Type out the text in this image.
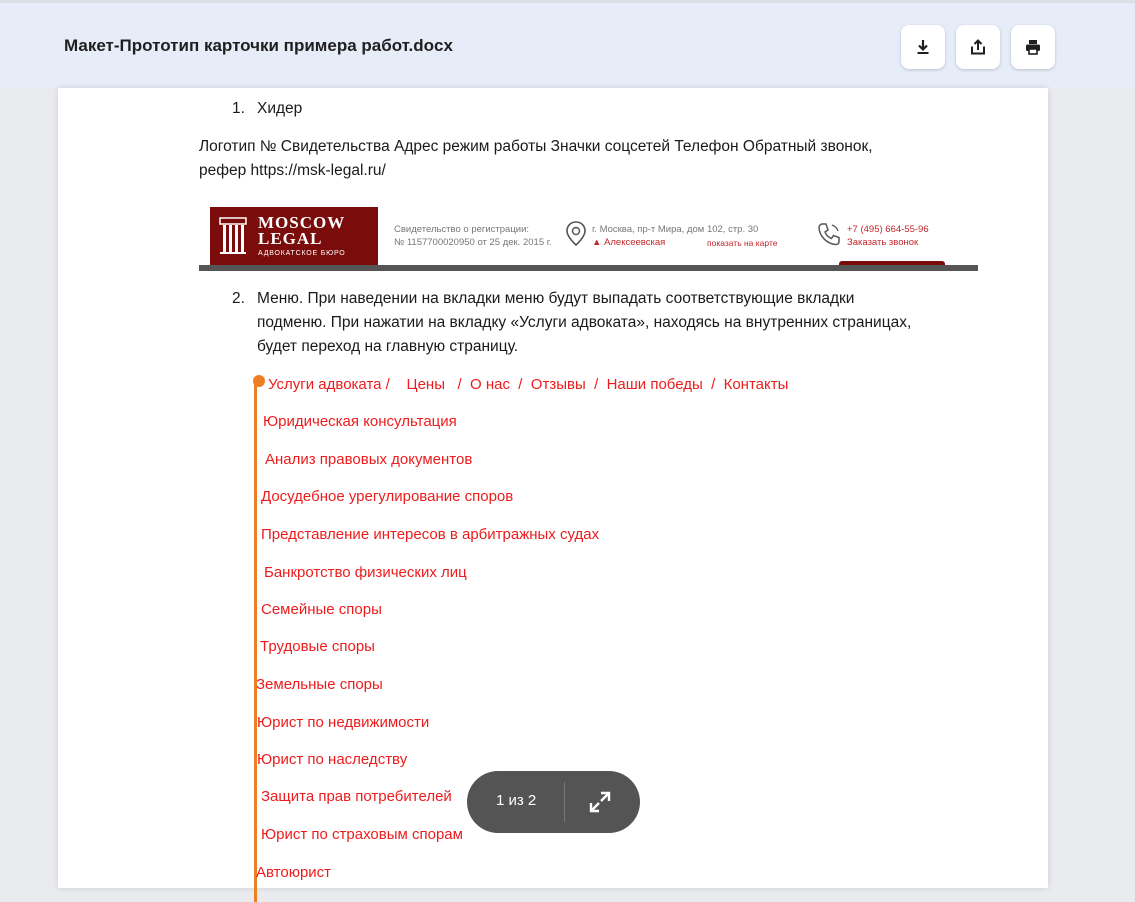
Макет-Прототип карточки примера работ.docx
1. Хидер
Логотип № Свидетельства Адрес режим работы Значки соцсетей Телефон Обратный звонок,
рефер https://msk-legal.ru/
MOSCOW
LEGAL
АДВОКАТСКОЕ БЮРО
Свидетельство о регистрации:
№ 1157700020950 от 25 дек. 2015 г.
г. Москва, пр-т Мира, дом 102, стр. 30
▲ Алексеевская	показать на карте
+7 (495) 664-55-96
Заказать звонок
2. Меню. При наведении на вкладки меню будут выпадать соответствующие вкладки
подменю. При нажатии на вкладку «Услуги адвоката», находясь на внутренних страницах,
будет переход на главную страницу.
Услуги адвоката /    Цены   /  О нас  /  Отзывы  /  Наши победы  /  Контакты
Юридическая консультация
Анализ правовых документов
Досудебное урегулирование споров
Представление интересов в арбитражных судах
Банкротство физических лиц
Семейные споры
Трудовые споры
Земельные споры
Юрист по недвижимости
Юрист по наследству
Защита прав потребителей
Юрист по страховым спорам
Автоюрист
1 из 2
